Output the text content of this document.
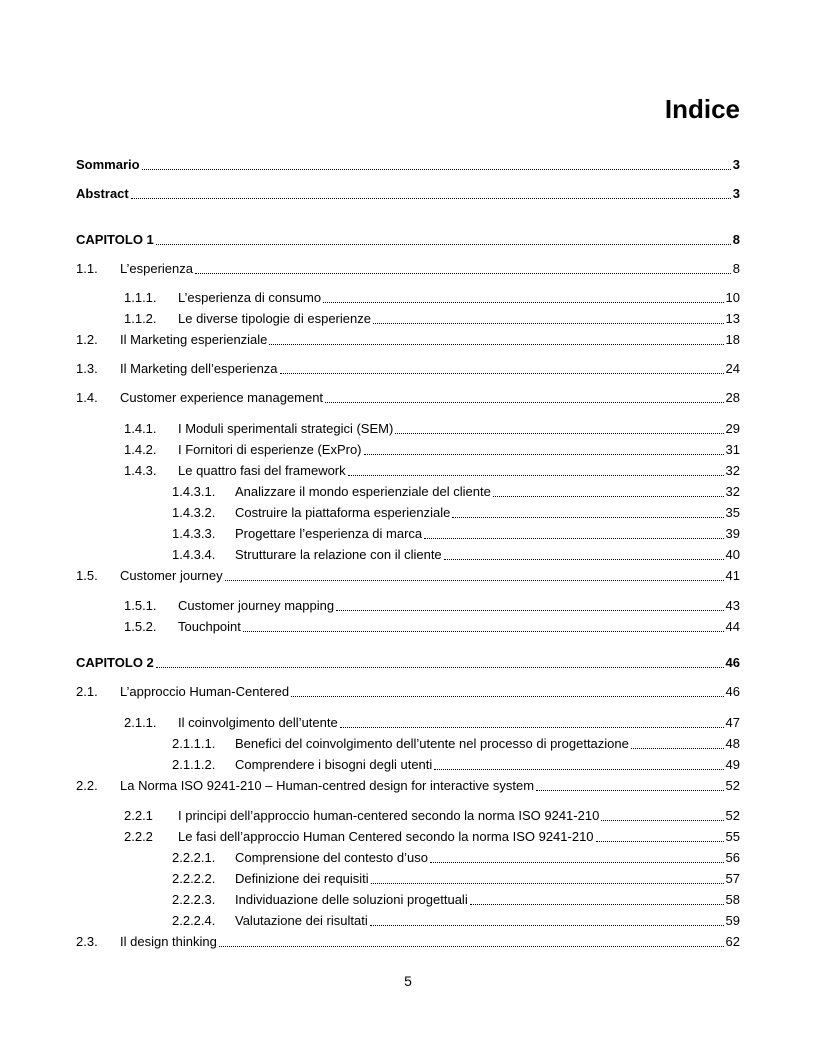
Indice
Sommario	3
Abstract	3
CAPITOLO 1	8
1.1.	L’esperienza	8
1.1.1.	L’esperienza di consumo	10
1.1.2.	Le diverse tipologie di esperienze	13
1.2.	Il Marketing esperienziale	18
1.3.	Il Marketing dell’esperienza	24
1.4.	Customer experience management	28
1.4.1.	I Moduli sperimentali strategici (SEM)	29
1.4.2.	I Fornitori di esperienze (ExPro)	31
1.4.3.	Le quattro fasi del framework	32
1.4.3.1.	Analizzare il mondo esperienziale del cliente	32
1.4.3.2.	Costruire la piattaforma esperienziale	35
1.4.3.3.	Progettare l’esperienza di marca	39
1.4.3.4.	Strutturare la relazione con il cliente	40
1.5.	Customer journey	41
1.5.1.	Customer journey mapping	43
1.5.2.	Touchpoint	44
CAPITOLO 2	46
2.1.	L’approccio Human-Centered	46
2.1.1.	Il coinvolgimento dell’utente	47
2.1.1.1.	Benefici del coinvolgimento dell’utente nel processo di progettazione	48
2.1.1.2.	Comprendere i bisogni degli utenti	49
2.2.	La Norma ISO 9241-210 – Human-centred design for interactive system	52
2.2.1	I principi dell’approccio human-centered secondo la norma ISO 9241-210	52
2.2.2	Le fasi dell’approccio Human Centered secondo la norma ISO 9241-210	55
2.2.2.1.	Comprensione del contesto d’uso	56
2.2.2.2.	Definizione dei requisiti	57
2.2.2.3.	Individuazione delle soluzioni progettuali	58
2.2.2.4.	Valutazione dei risultati	59
2.3.	Il design thinking	62
5
